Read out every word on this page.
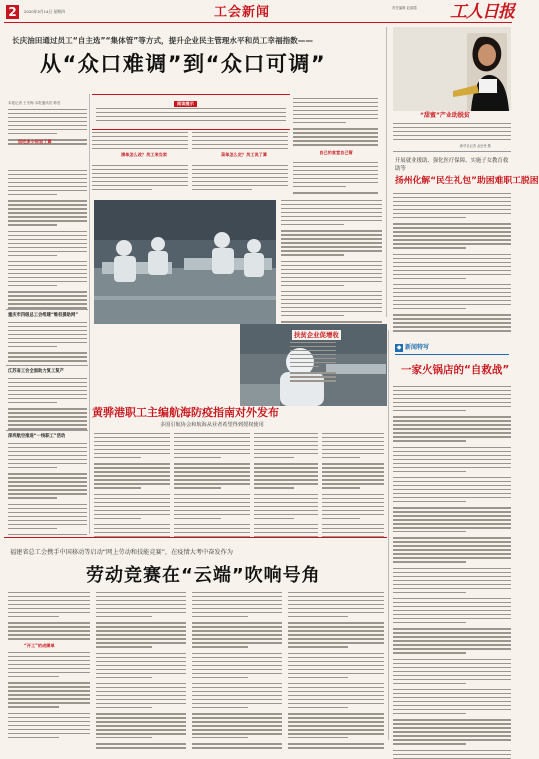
2	2020年5月14日 星期四	工会新闻	责任编辑 赵丽霞	工人日报
长庆油田通过员工“自主选”“集体管”等方式，提升企业民主管理水平和员工幸福指数——
从“众口难调”到“众口可调”
本报记者 王冬梅 本报通讯员 韩莹
饭吃多少你说了算
阅读提示
清单怎么改？员工来当家	菜单怎么定？员工说了算	自己的食堂自己管
“甜蜜”产业助脱贫
新华社记者 金良快 摄
开展就业援助、强化医疗保障、实施子女教育救助等
扬州化解“民生礼包”助困难职工脱困
重庆市四级总工会组建“维权援助网”
江苏省工会全面助力复工复产
深圳航空推进“一线职工”活动
扶贫企业促增收
黄骅港职工主编航海防疫指南对外发布
多国引航协会和航海从业者希望得到授权使用
◆ 新闻特写
一家火锅店的“自救战”
福建省总工会携手中国移动等启动“网上劳动和技能竞赛”，在疫情大考中奋发作为
劳动竞赛在“云端”吹响号角
“开工”的成绩单
